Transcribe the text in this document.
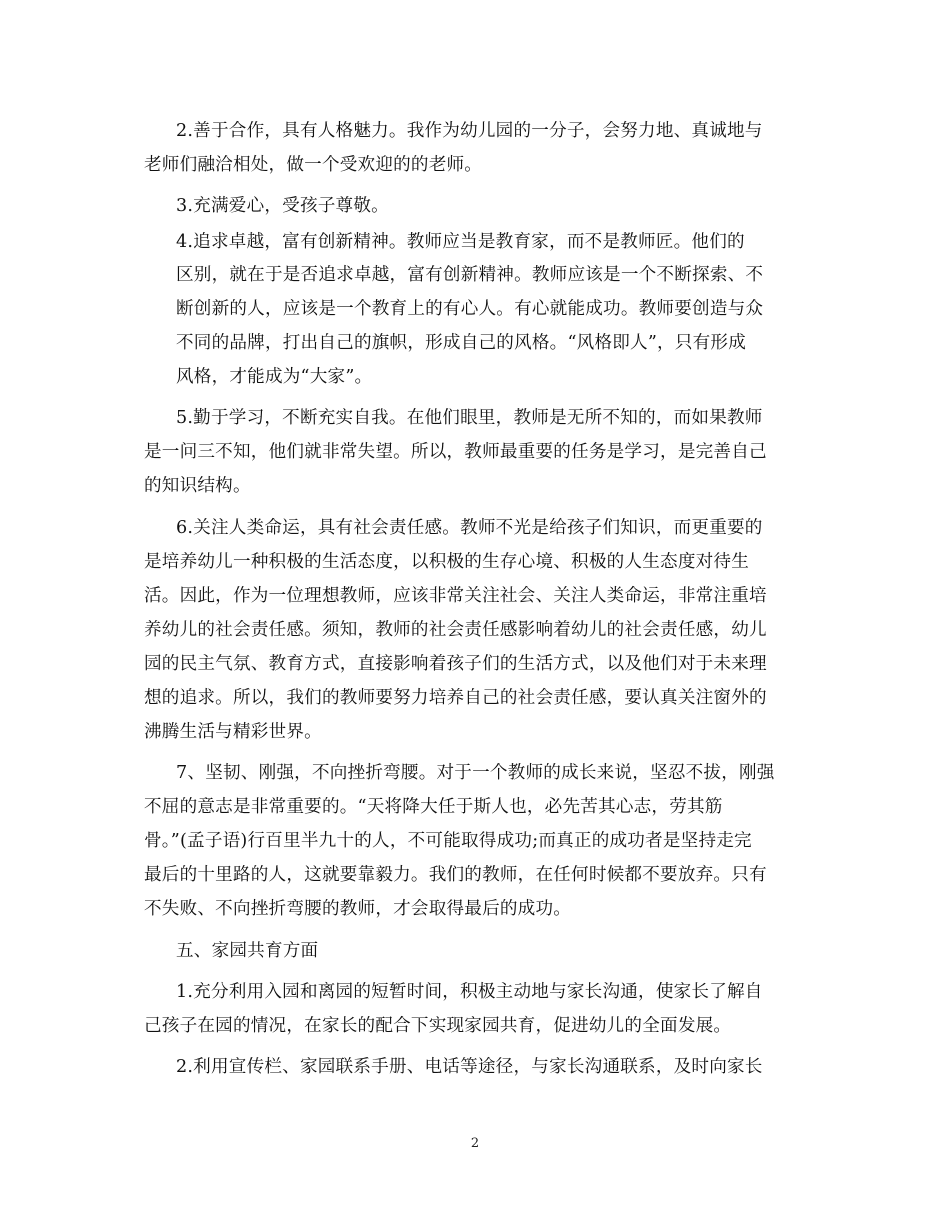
2.善于合作，具有人格魅力。我作为幼儿园的一分子，会努力地、真诚地与
老师们融洽相处，做一个受欢迎的的老师。
3.充满爱心，受孩子尊敬。
4.追求卓越，富有创新精神。教师应当是教育家，而不是教师匠。他们的
区别，就在于是否追求卓越，富有创新精神。教师应该是一个不断探索、不
断创新的人，应该是一个教育上的有心人。有心就能成功。教师要创造与众
不同的品牌，打出自己的旗帜，形成自己的风格。“风格即人”，只有形成
风格，才能成为“大家”。
5.勤于学习，不断充实自我。在他们眼里，教师是无所不知的，而如果教师
是一问三不知，他们就非常失望。所以，教师最重要的任务是学习，是完善自己
的知识结构。
6.关注人类命运，具有社会责任感。教师不光是给孩子们知识，而更重要的
是培养幼儿一种积极的生活态度，以积极的生存心境、积极的人生态度对待生
活。因此，作为一位理想教师，应该非常关注社会、关注人类命运，非常注重培
养幼儿的社会责任感。须知，教师的社会责任感影响着幼儿的社会责任感，幼儿
园的民主气氛、教育方式，直接影响着孩子们的生活方式，以及他们对于未来理
想的追求。所以，我们的教师要努力培养自己的社会责任感，要认真关注窗外的
沸腾生活与精彩世界。
7、坚韧、刚强，不向挫折弯腰。对于一个教师的成长来说，坚忍不拔，刚强
不屈的意志是非常重要的。“天将降大任于斯人也，必先苦其心志，劳其筋
骨。”(孟子语)行百里半九十的人，不可能取得成功;而真正的成功者是坚持走完
最后的十里路的人，这就要靠毅力。我们的教师，在任何时候都不要放弃。只有
不失败、不向挫折弯腰的教师，才会取得最后的成功。
五、家园共育方面
1.充分利用入园和离园的短暂时间，积极主动地与家长沟通，使家长了解自
己孩子在园的情况，在家长的配合下实现家园共育，促进幼儿的全面发展。
2.利用宣传栏、家园联系手册、电话等途径，与家长沟通联系，及时向家长
2
